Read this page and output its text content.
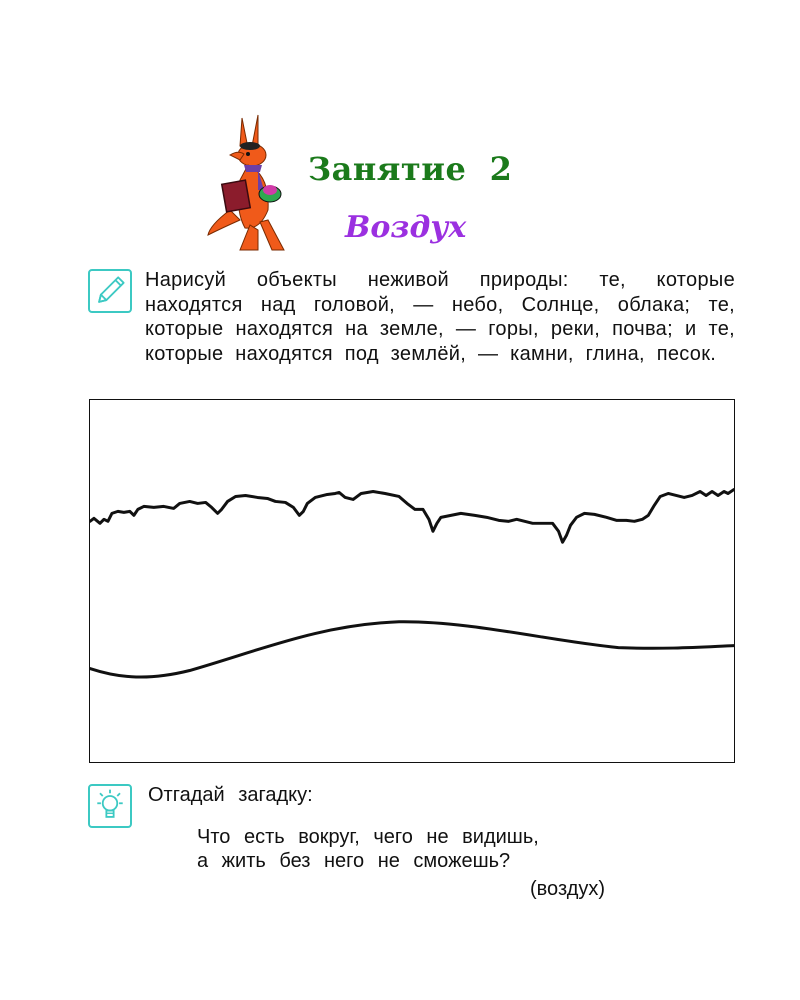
Занятие  2
Воздух

Нарисуй объекты неживой природы: те, которые находятся над головой, — небо, Солнце, облака; те, которые находятся на земле, — горы, реки, почва; и те, которые находятся под землёй, — камни, глина, песок.

Отгадай загадку:

Что есть вокруг, чего не видишь,

а жить без него не сможешь?

(воздух)
